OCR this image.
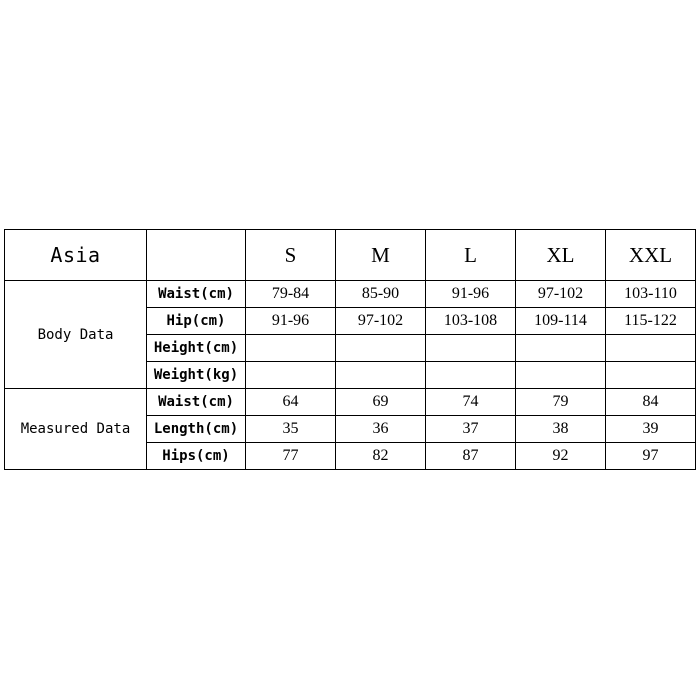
Asia		S	M	L	XL	XXL
Body Data	Waist(cm)	79-84	85-90	91-96	97-102	103-110
	Hip(cm)	91-96	97-102	103-108	109-114	115-122
	Height(cm)					
	Weight(kg)					
Measured Data	Waist(cm)	64	69	74	79	84
	Length(cm)	35	36	37	38	39
	Hips(cm)	77	82	87	92	97
